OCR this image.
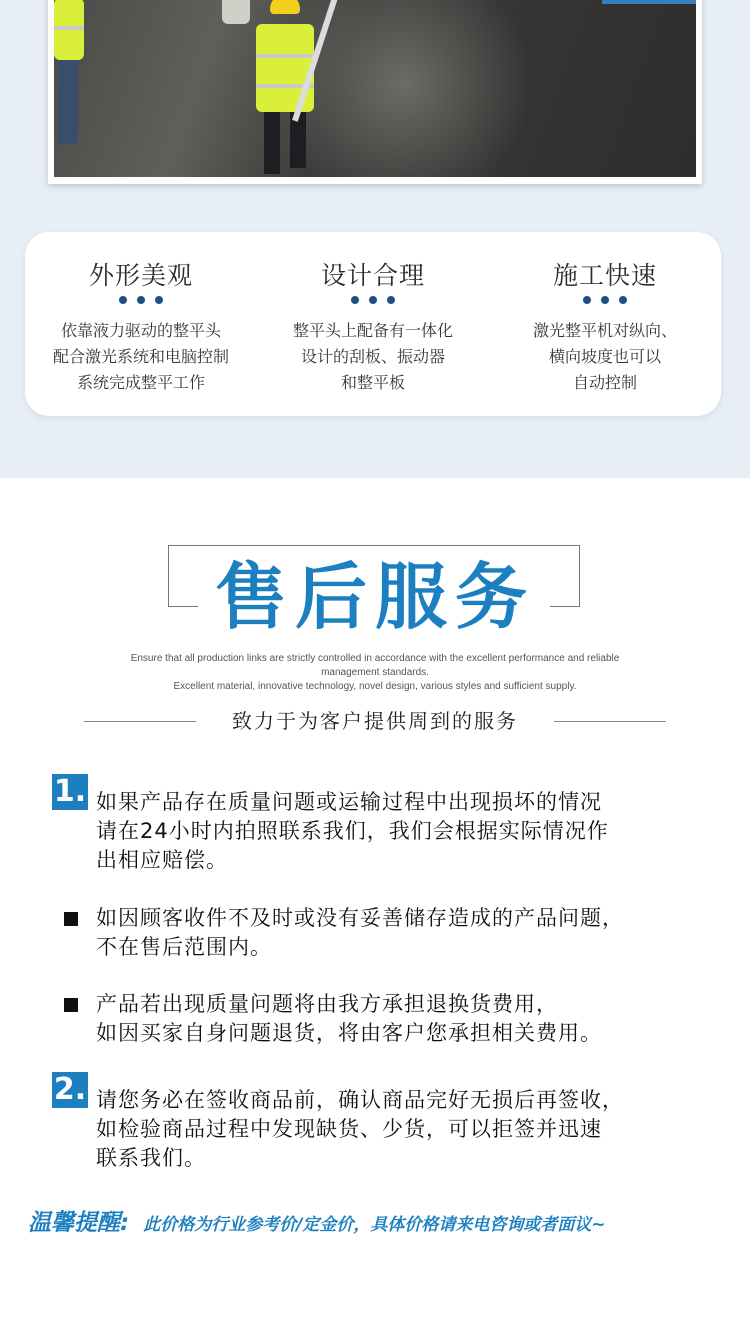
外形美观
依靠液力驱动的整平头
配合激光系统和电脑控制
系统完成整平工作
设计合理
整平头上配备有一体化
设计的刮板、振动器
和整平板
施工快速
激光整平机对纵向、
横向坡度也可以
自动控制
售后服务
Ensure that all production links are strictly controlled in accordance with the excellent performance and reliable
management standards.
Excellent material, innovative technology, novel design, various styles and sufficient supply.
致力于为客户提供周到的服务
1. 如果产品存在质量问题或运输过程中出现损坏的情况
请在24小时内拍照联系我们，我们会根据实际情况作
出相应赔偿。
如因顾客收件不及时或没有妥善储存造成的产品问题，
不在售后范围内。
产品若出现质量问题将由我方承担退换货费用，
如因买家自身问题退货，将由客户您承担相关费用。
2. 请您务必在签收商品前，确认商品完好无损后再签收，
如检验商品过程中发现缺货、少货，可以拒签并迅速
联系我们。
温馨提醒: 此价格为行业参考价/定金价，具体价格请来电咨询或者面议~
